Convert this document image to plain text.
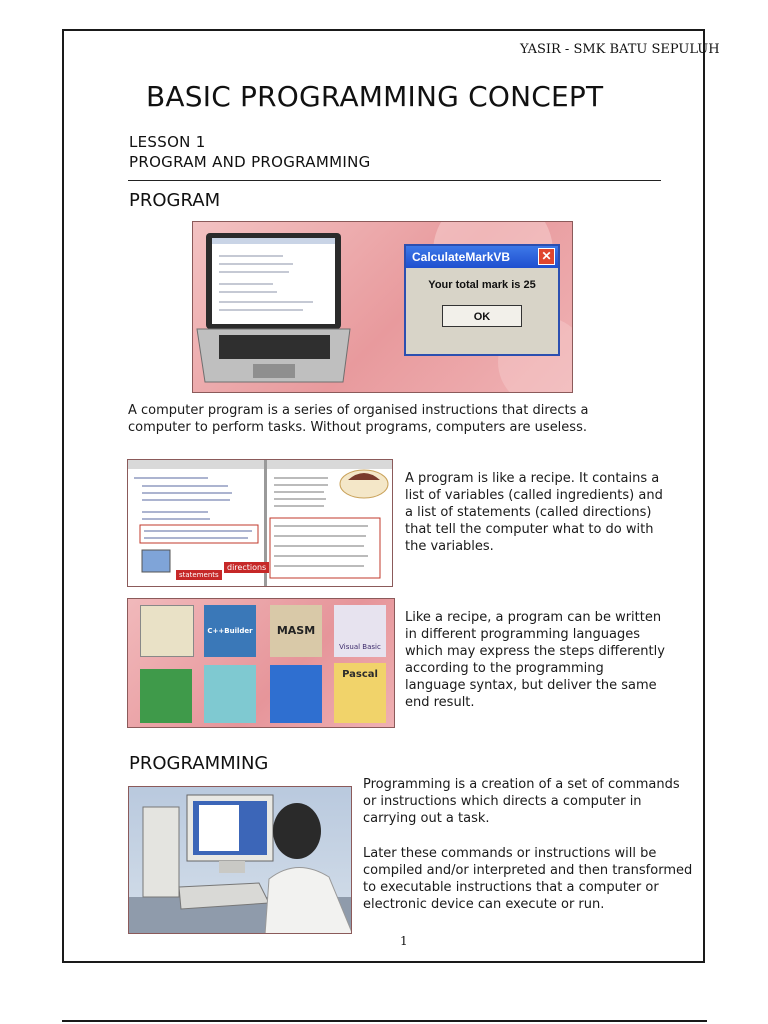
YASIR - SMK BATU SEPULUH
BASIC PROGRAMMING CONCEPT
LESSON 1
PROGRAM AND PROGRAMMING
PROGRAM
CalculateMarkVB	✕
Your total mark is 25
OK
A computer program is a series of organised instructions that directs a computer to perform tasks. Without programs, computers are useless.
statements
directions
A program is like a recipe. It contains a list of variables (called ingredients) and a list of statements (called directions) that tell the computer what to do with the variables.
C++Builder	MASM
Visual Basic
Pascal
Like a recipe, a program can be written in different programming languages which may express the steps differently according to the programming language syntax, but deliver the same end result.
PROGRAMMING
Programming is a creation of a set of commands or instructions which directs a computer in carrying out a task.
Later these commands or instructions will be compiled and/or interpreted and then transformed to executable instructions that a computer or electronic device can execute or run.
1
